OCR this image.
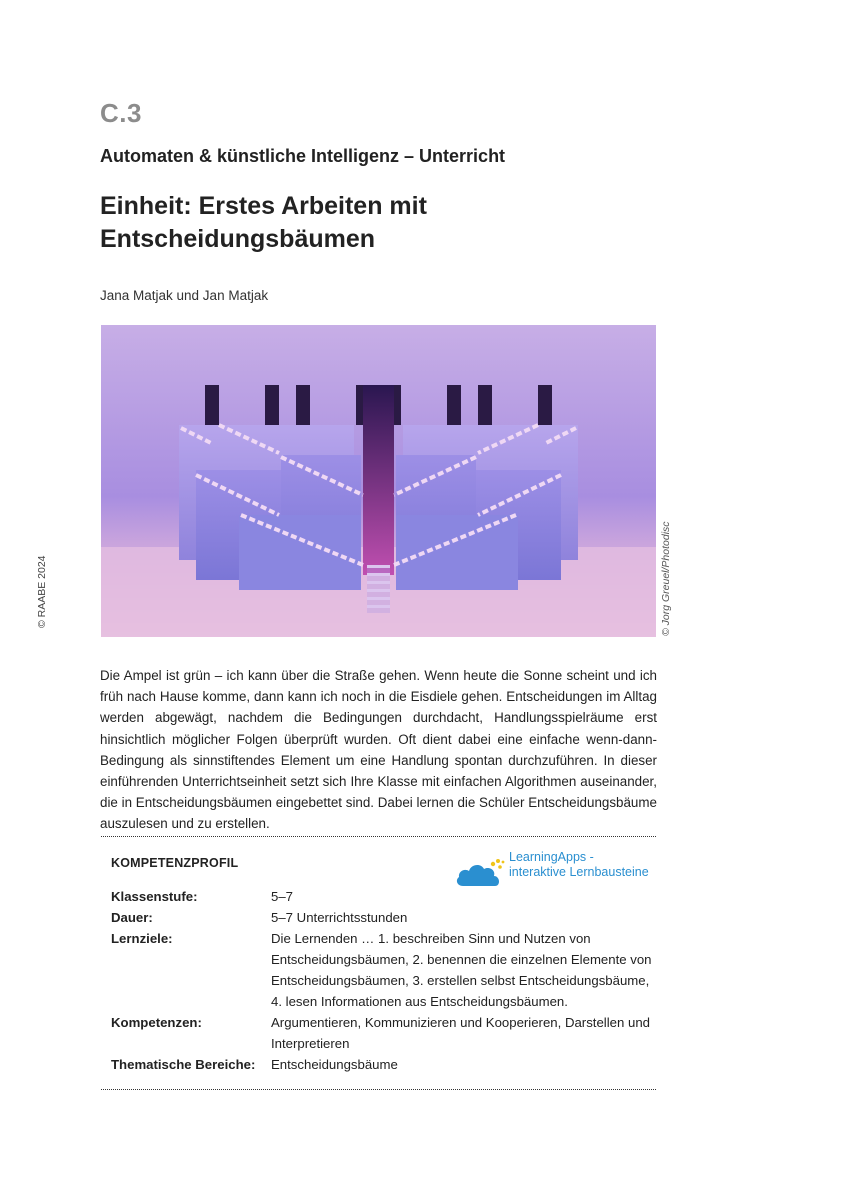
C.3
Automaten & künstliche Intelligenz – Unterricht
Einheit: Erstes Arbeiten mit Entscheidungsbäumen
Jana Matjak und Jan Matjak
© Jorg Greuel/Photodisc
© RAABE 2024

Die Ampel ist grün – ich kann über die Straße gehen. Wenn heute die Sonne scheint und ich früh nach Hause komme, dann kann ich noch in die Eisdiele gehen. Entscheidungen im Alltag werden abgewägt, nachdem die Bedingungen durchdacht, Handlungsspielräume erst hinsichtlich möglicher Folgen überprüft wurden. Oft dient dabei eine einfache wenn-dann-Bedingung als sinnstiftendes Element um eine Handlung spontan durchzuführen. In dieser einführenden Unterrichtseinheit setzt sich Ihre Klasse mit einfachen Algorithmen auseinander, die in Entscheidungsbäumen eingebettet sind. Dabei lernen die Schüler Entscheidungsbäume auszulesen und zu erstellen.

KOMPETENZPROFIL	LearningApps -
interaktive Lernbausteine
Klassenstufe:	5–7
Dauer:	5–7 Unterrichtsstunden
Lernziele:	Die Lernenden … 1. beschreiben Sinn und Nutzen von Entscheidungsbäumen, 2. benennen die einzelnen Elemente von Entscheidungsbäumen, 3. erstellen selbst Entscheidungsbäume, 4. lesen Informationen aus Entscheidungsbäumen.
Kompetenzen:	Argumentieren, Kommunizieren und Kooperieren, Darstellen und Interpretieren
Thematische Bereiche:	Entscheidungsbäume
